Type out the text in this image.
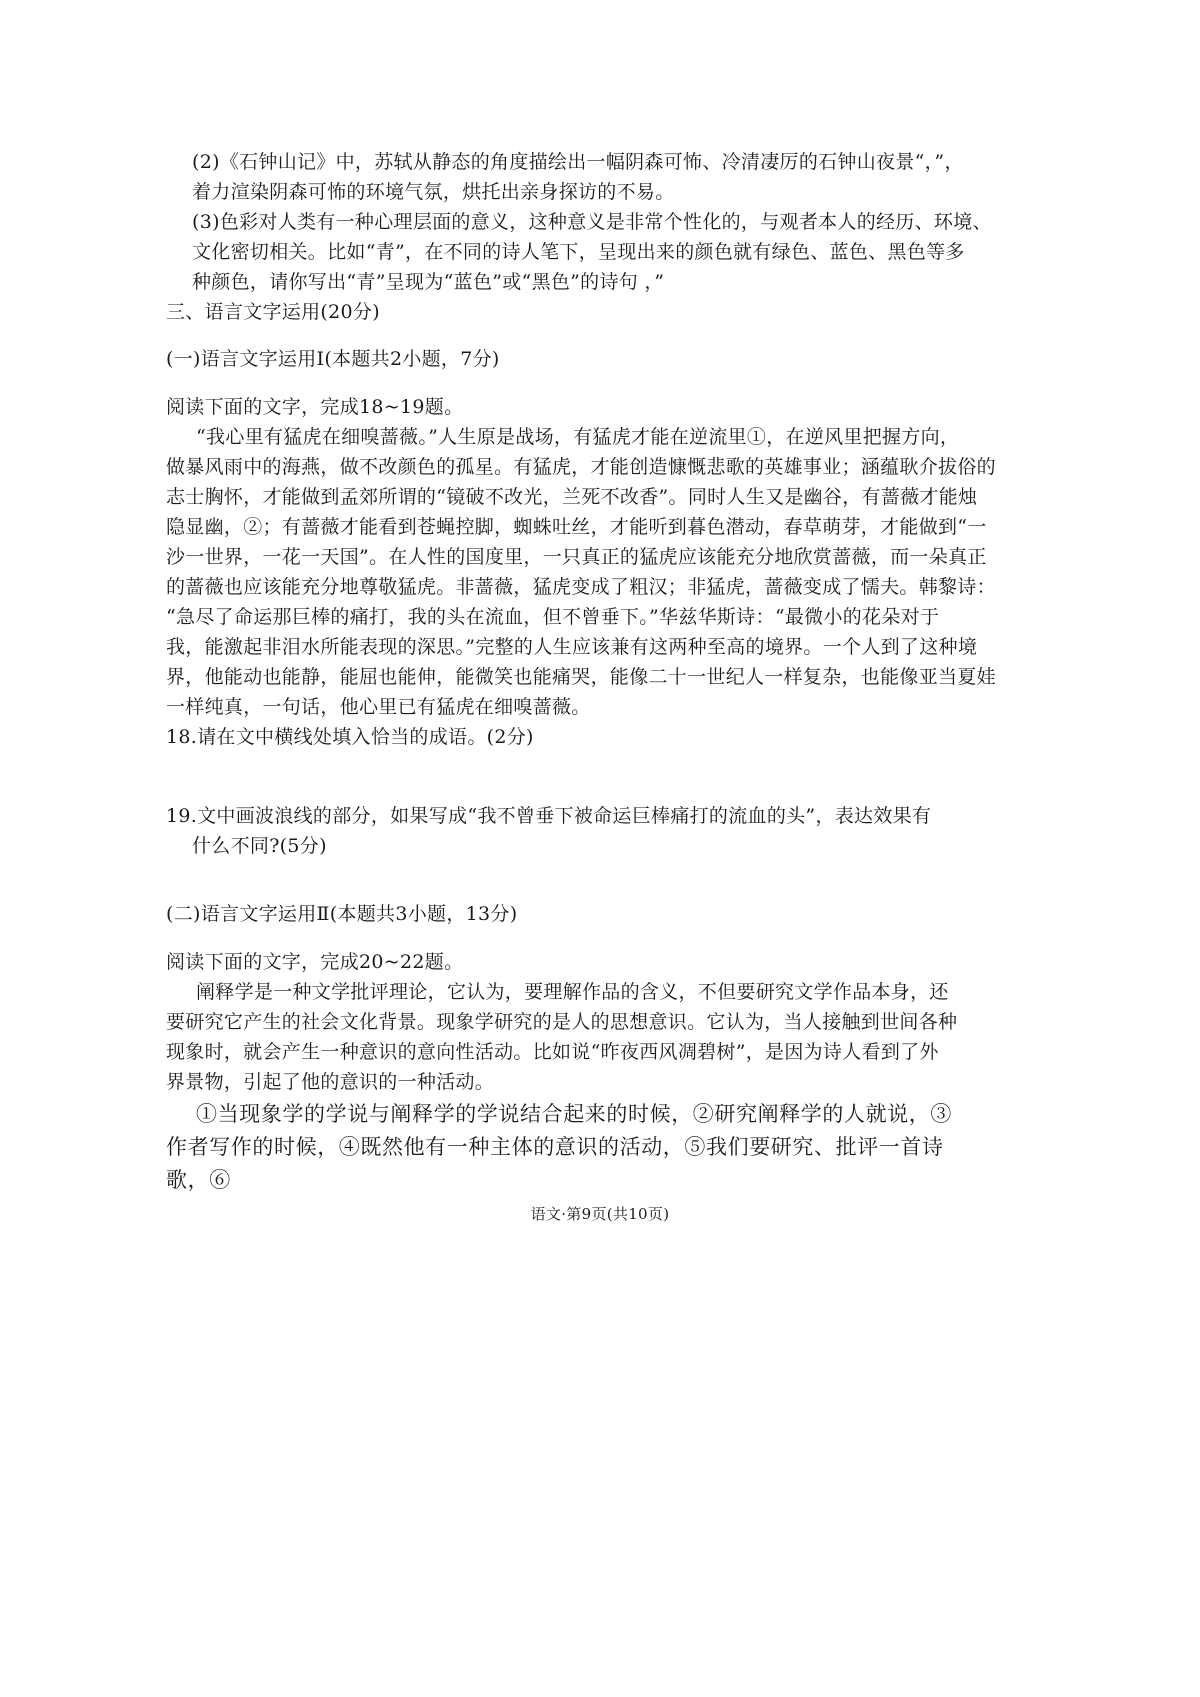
(2)《石钟山记》中，苏轼从静态的角度描绘出一幅阴森可怖、冷清凄厉的石钟山夜景“，”，
着力渲染阴森可怖的环境气氛，烘托出亲身探访的不易。
(3)色彩对人类有一种心理层面的意义，这种意义是非常个性化的，与观者本人的经历、环境、
文化密切相关。比如“青”，在不同的诗人笔下，呈现出来的颜色就有绿色、蓝色、黑色等多
种颜色，请你写出“青”呈现为“蓝色”或“黑色”的诗句 ，”
三、语言文字运用(20分)
(一)语言文字运用Ⅰ(本题共2小题，7分)
阅读下面的文字，完成18~19题。
“我心里有猛虎在细嗅蔷薇。”人生原是战场，有猛虎才能在逆流里①，在逆风里把握方向，
做暴风雨中的海燕，做不改颜色的孤星。有猛虎，才能创造慷慨悲歌的英雄事业；涵蕴耿介拔俗的
志士胸怀，才能做到孟郊所谓的“镜破不改光，兰死不改香”。同时人生又是幽谷，有蔷薇才能烛
隐显幽，②；有蔷薇才能看到苍蝇控脚，蜘蛛吐丝，才能听到暮色潜动，春草萌芽，才能做到“一
沙一世界，一花一天国”。在人性的国度里，一只真正的猛虎应该能充分地欣赏蔷薇，而一朵真正
的蔷薇也应该能充分地尊敬猛虎。非蔷薇，猛虎变成了粗汉；非猛虎，蔷薇变成了懦夫。韩黎诗：
“急尽了命运那巨棒的痛打，我的头在流血，但不曾垂下。”华兹华斯诗：“最微小的花朵对于
我，能激起非泪水所能表现的深思。”完整的人生应该兼有这两种至高的境界。一个人到了这种境
界，他能动也能静，能屈也能伸，能微笑也能痛哭，能像二十一世纪人一样复杂，也能像亚当夏娃
一样纯真，一句话，他心里已有猛虎在细嗅蔷薇。
18.请在文中横线处填入恰当的成语。(2分)
19.文中画波浪线的部分，如果写成“我不曾垂下被命运巨棒痛打的流血的头”，表达效果有
什么不同?(5分)
(二)语言文字运用Ⅱ(本题共3小题，13分)
阅读下面的文字，完成20~22题。
阐释学是一种文学批评理论，它认为，要理解作品的含义，不但要研究文学作品本身，还
要研究它产生的社会文化背景。现象学研究的是人的思想意识。它认为，当人接触到世间各种
现象时，就会产生一种意识的意向性活动。比如说“昨夜西风凋碧树”，是因为诗人看到了外
界景物，引起了他的意识的一种活动。
①当现象学的学说与阐释学的学说结合起来的时候，②研究阐释学的人就说，③
作者写作的时候，④既然他有一种主体的意识的活动，⑤我们要研究、批评一首诗
歌，⑥
语文·第9页(共10页)
